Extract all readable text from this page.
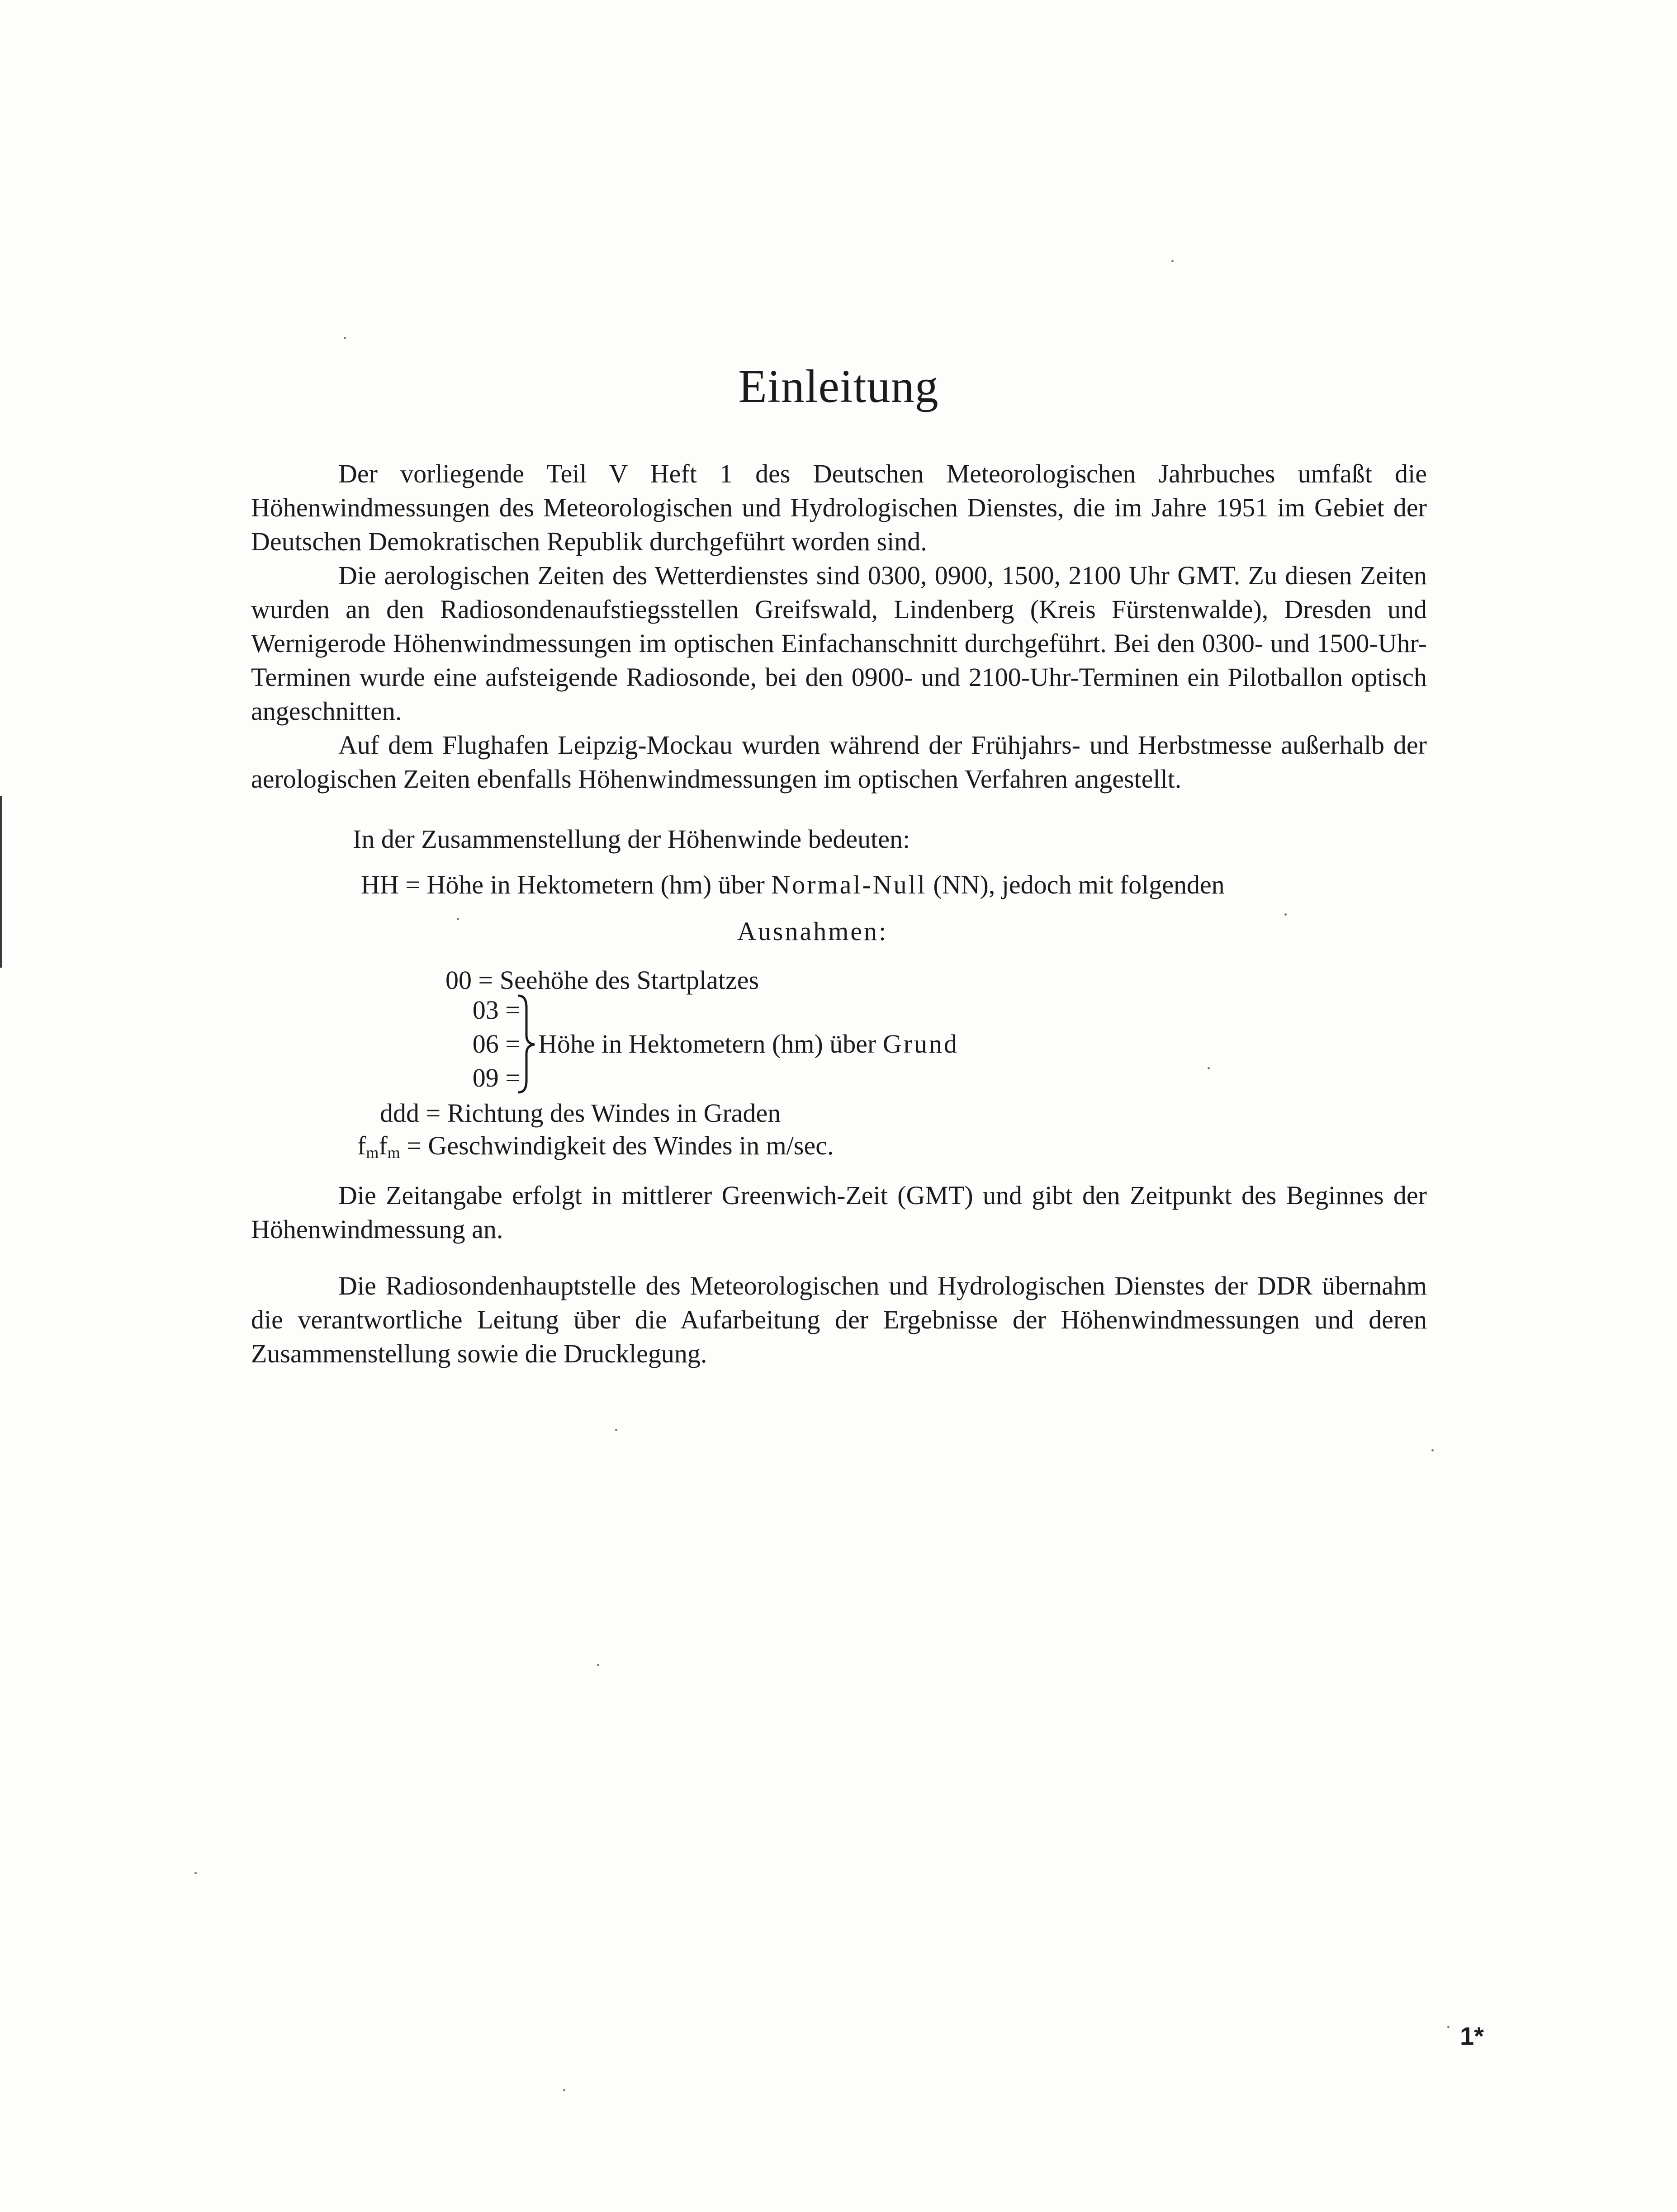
Einleitung

Der vorliegende Teil V Heft 1 des Deutschen Meteorologischen Jahrbuches umfaßt die Höhenwindmessungen des Meteorologischen und Hydrologischen Dienstes, die im Jahre 1951 im Gebiet der Deutschen Demokratischen Republik durchgeführt worden sind.

Die aerologischen Zeiten des Wetterdienstes sind 0300, 0900, 1500, 2100 Uhr GMT. Zu diesen Zeiten wurden an den Radiosondenaufstiegsstellen Greifswald, Lindenberg (Kreis Fürstenwalde), Dresden und Wernigerode Höhenwindmessungen im optischen Einfachanschnitt durchgeführt. Bei den 0300- und 1500-Uhr-Terminen wurde eine aufsteigende Radiosonde, bei den 0900- und 2100-Uhr-Terminen ein Pilotballon optisch angeschnitten.

Auf dem Flughafen Leipzig-Mockau wurden während der Frühjahrs- und Herbstmesse außerhalb der aerologischen Zeiten ebenfalls Höhenwindmessungen im optischen Verfahren angestellt.

In der Zusammenstellung der Höhenwinde bedeuten:
HH = Höhe in Hektometern (hm) über Normal-Null (NN), jedoch mit folgenden
Ausnahmen:
00 = Seehöhe des Startplatzes
03 =
06 =
09 =
Höhe in Hektometern (hm) über Grund
ddd = Richtung des Windes in Graden
$f_mf_m$ = Geschwindigkeit des Windes in m/sec.

Die Zeitangabe erfolgt in mittlerer Greenwich-Zeit (GMT) und gibt den Zeitpunkt des Beginnes der Höhenwindmessung an.

Die Radiosondenhauptstelle des Meteorologischen und Hydrologischen Dienstes der DDR übernahm die verantwortliche Leitung über die Aufarbeitung der Ergebnisse der Höhenwindmessungen und deren Zusammenstellung sowie die Drucklegung.

1*
